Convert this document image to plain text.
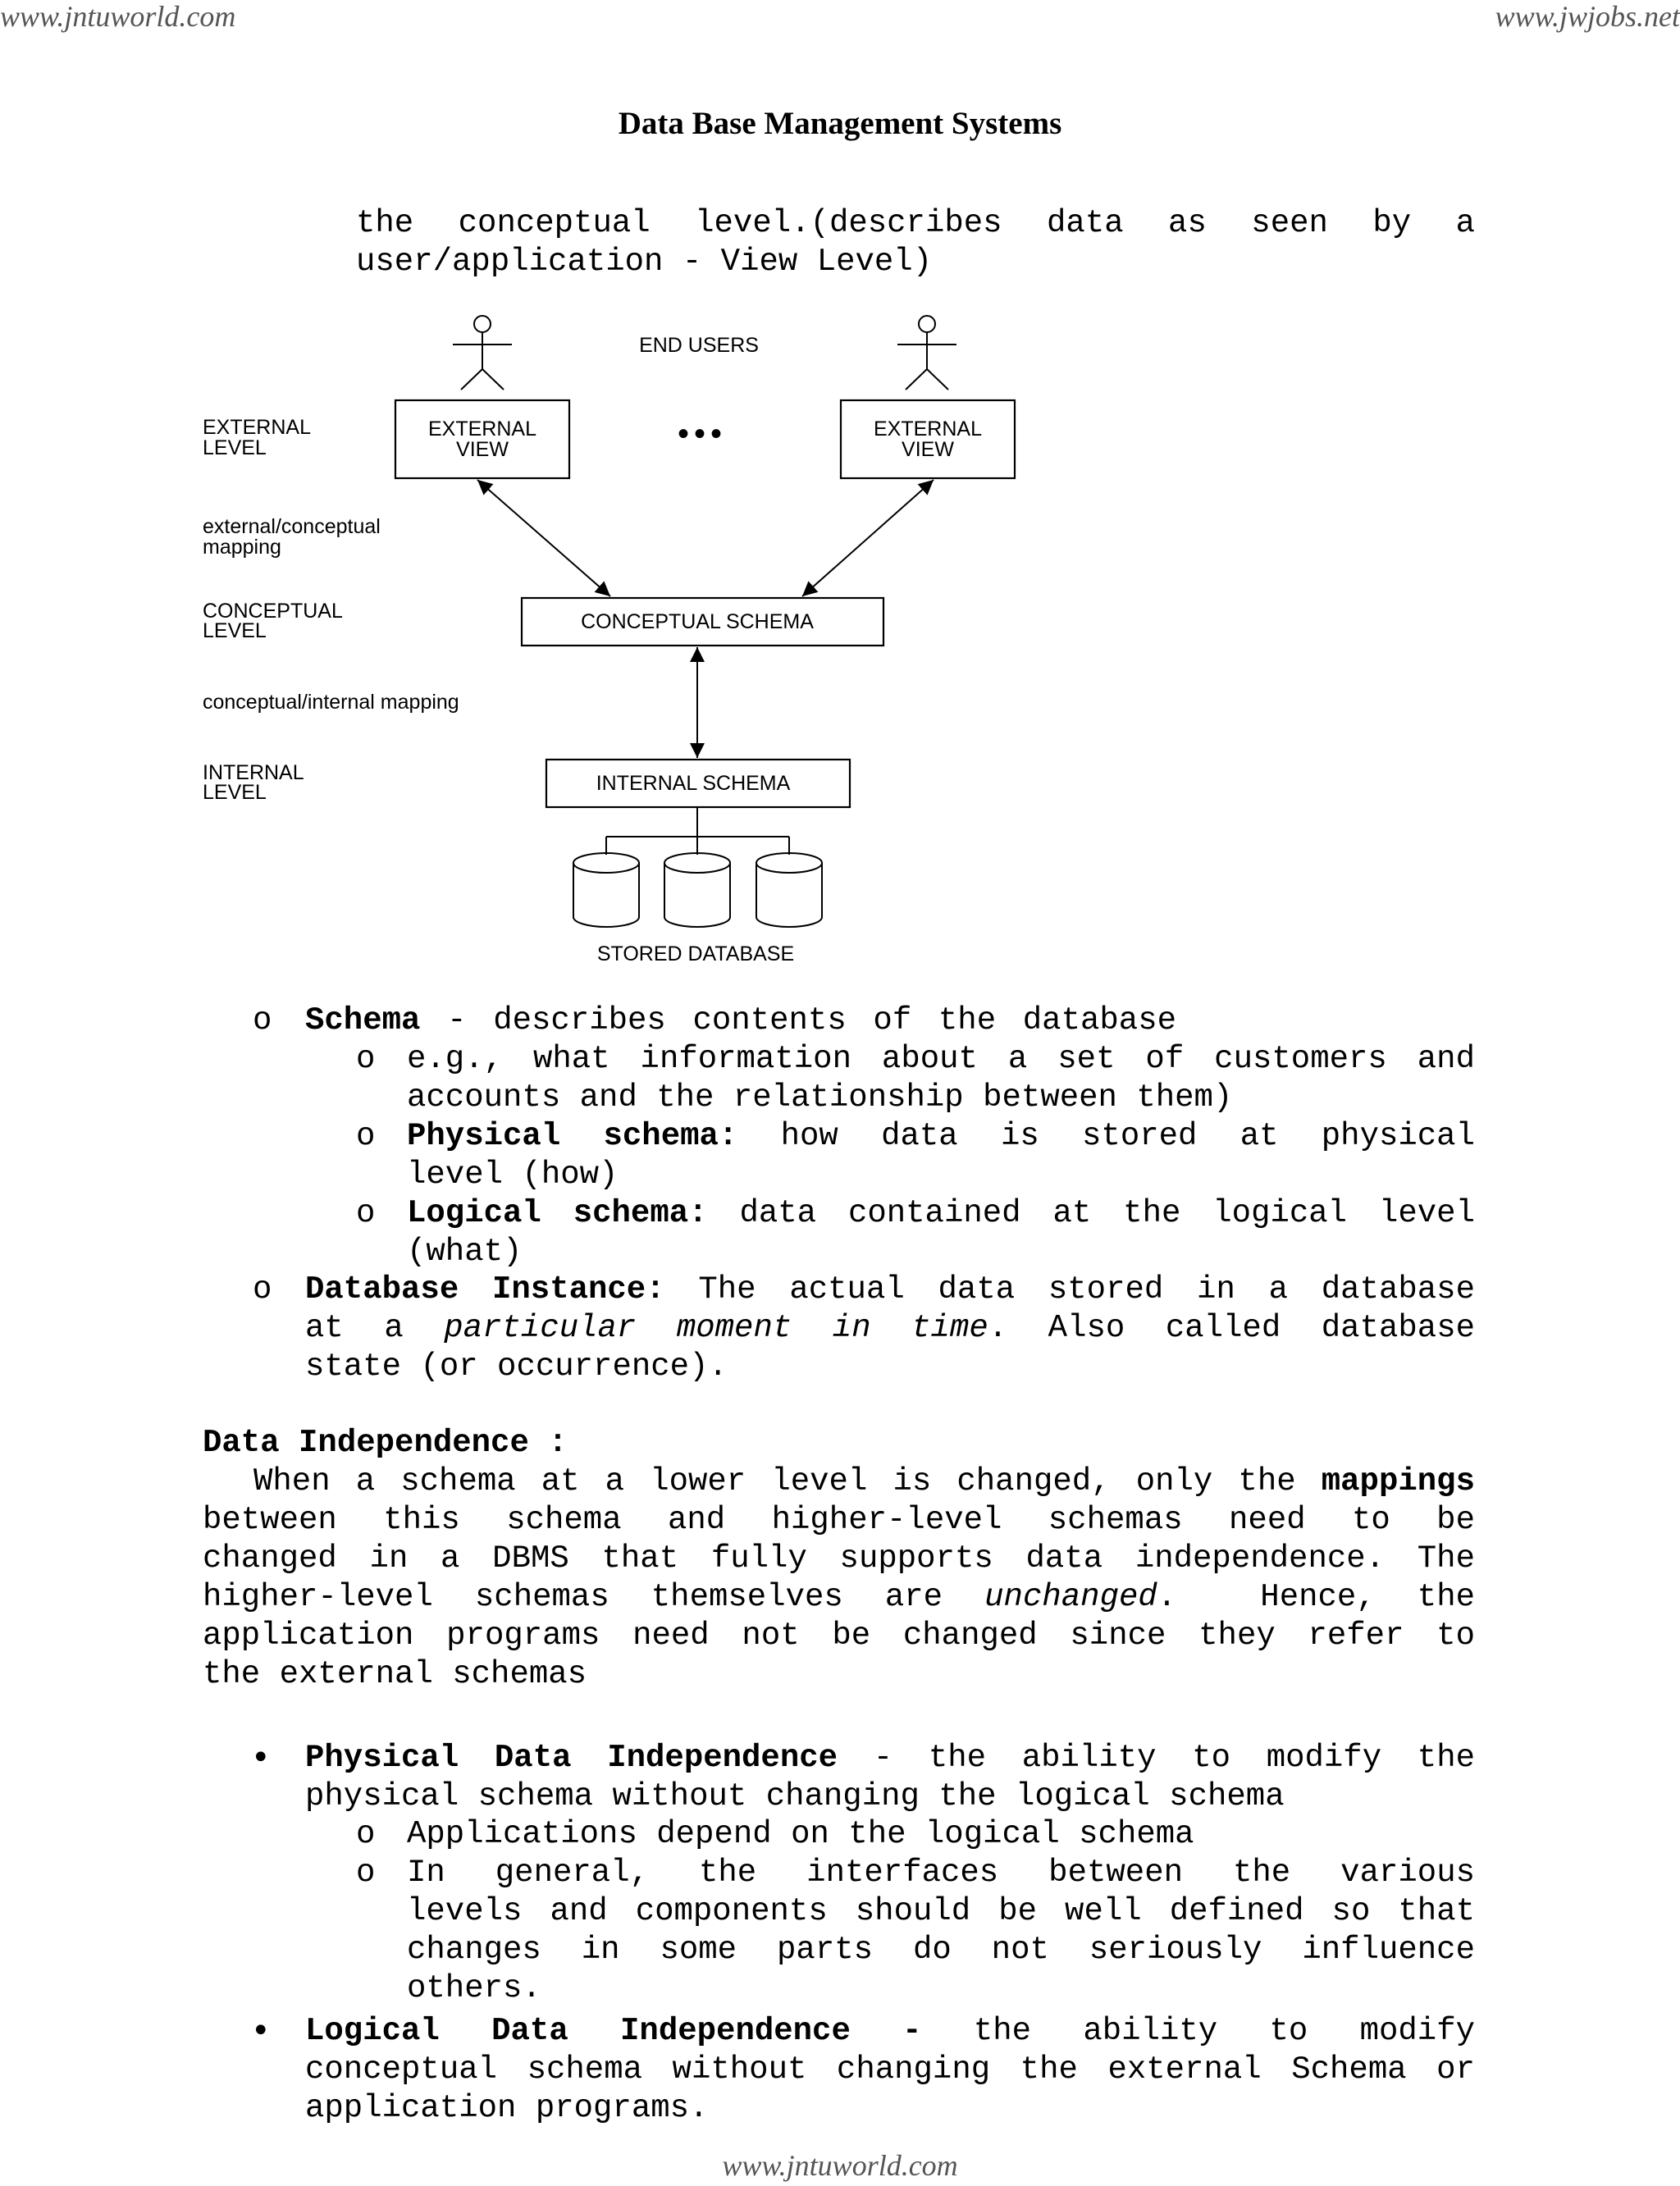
www.jntuworld.com	www.jwjobs.net
www.jntuworld.com
Data Base Management Systems
the conceptual level.(describes data as seen by a
user/application - View Level)
END USERS
EXTERNAL
LEVEL
external/conceptual
mapping
CONCEPTUAL
LEVEL
conceptual/internal mapping
INTERNAL
LEVEL
EXTERNAL
VIEW
EXTERNAL
VIEW
•••
CONCEPTUAL SCHEMA
INTERNAL SCHEMA
STORED DATABASE
o Schema - describes contents of the database
o e.g., what information about a set of customers and
accounts and the relationship between them)
o Physical schema: how data is stored at physical
level (how)
o Logical schema: data contained at the logical level
(what)
o Database Instance: The actual data stored in a database
at a particular moment in time. Also called database
state (or occurrence).
Data Independence :
When a schema at a lower level is changed, only the mappings
between this schema and higher-level schemas need to be
changed in a DBMS that fully supports data independence. The
higher-level schemas themselves are unchanged.  Hence, the
application programs need not be changed since they refer to
the external schemas
• Physical Data Independence - the ability to modify the
physical schema without changing the logical schema
o Applications depend on the logical schema
o In general, the interfaces between the various
levels and components should be well defined so that
changes in some parts do not seriously influence
others.
• Logical Data Independence - the ability to modify
conceptual schema without changing the external Schema or
application programs.
